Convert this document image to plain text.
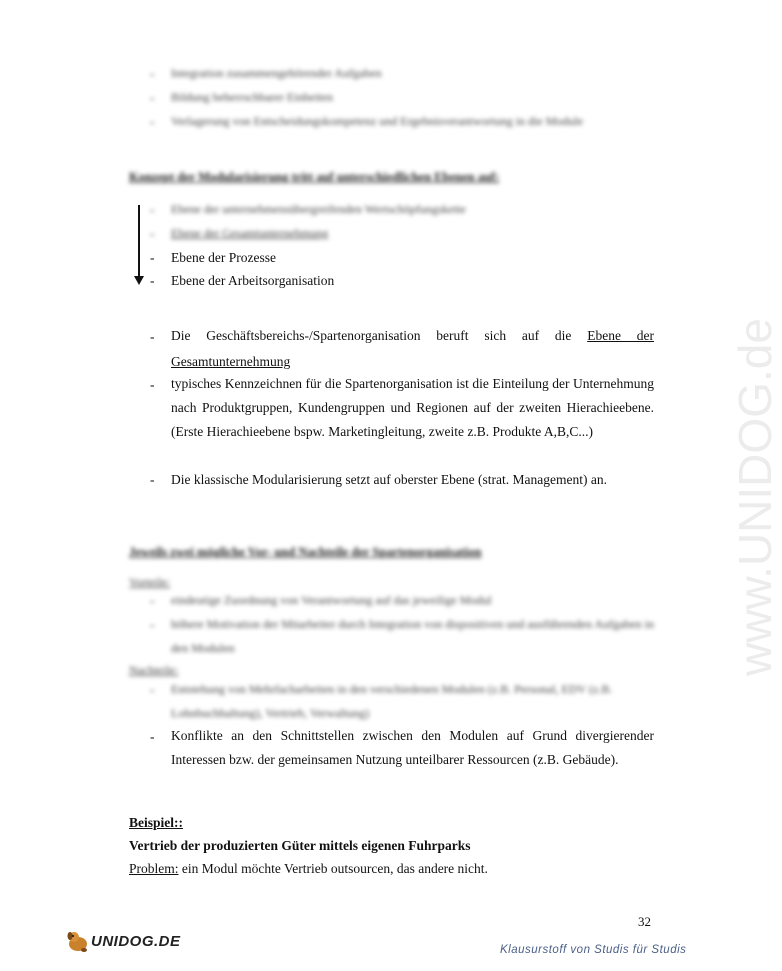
www.UNIDOG.de
-	Integration zusammengehörender Aufgaben
-	Bildung beherrschbarer Einheiten
-	Verlagerung von Entscheidungskompetenz und Ergebnisverantwortung in die Module
Konzept der Modularisierung tritt auf unterschiedlichen Ebenen auf:
-	Ebene der unternehmensübergreifenden Wertschöpfungskette
-	Ebene der Gesamtunternehmung
-	Ebene der Prozesse
-	Ebene der Arbeitsorganisation
-	Die Geschäftsbereichs-/Spartenorganisation beruft sich auf die Ebene der
Gesamtunternehmung
-	typisches Kennzeichnen für die Spartenorganisation ist die Einteilung der Unternehmung nach Produktgruppen, Kundengruppen und Regionen auf der zweiten Hierachieebene. (Erste Hierachieebene bspw. Marketingleitung, zweite z.B. Produkte A,B,C...)
-	Die klassische Modularisierung setzt auf oberster Ebene (strat. Management) an.
Jeweils zwei mögliche Vor- und Nachteile der Spartenorganisation
Vorteile:
-	eindeutige Zuordnung von Verantwortung auf das jeweilige Modul
-	höhere Motivation der Mitarbeiter durch Integration von dispositiven und ausführenden Aufgaben in den Modulen
Nachteile:
-	Entstehung von Mehrfacharbeiten in den verschiedenen Modulen (z.B. Personal, EDV (z.B. Lohnbuchhaltung), Vertrieb, Verwaltung)
-	Konflikte an den Schnittstellen zwischen den Modulen auf Grund divergierender Interessen bzw. der gemeinsamen Nutzung unteilbarer Ressourcen (z.B. Gebäude).
Beispiel::
Vertrieb der produzierten Güter mittels eigenen Fuhrparks
Problem: ein Modul möchte Vertrieb outsourcen, das andere nicht.
32
UNIDOG.DE
Klausurstoff von Studis für Studis
